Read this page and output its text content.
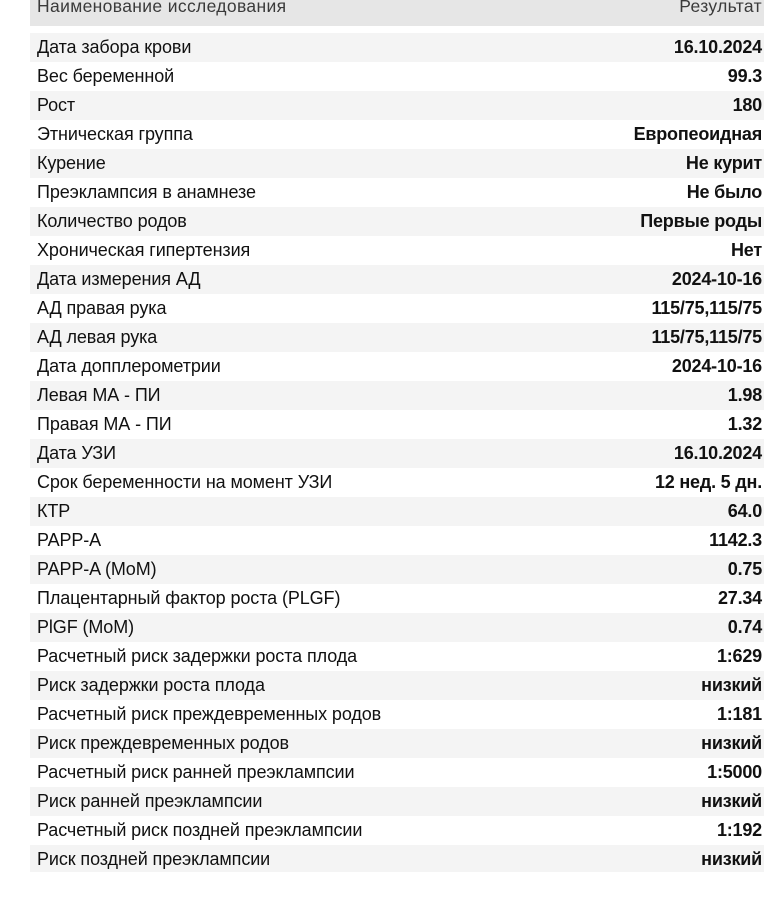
Наименование исследования	Результат

Дата забора крови	16.10.2024
Вес беременной	99.3
Рост	180
Этническая группа	Европеоидная
Курение	Не курит
Преэклампсия в анамнезе	Не было
Количество родов	Первые роды
Хроническая гипертензия	Нет
Дата измерения АД	2024-10-16
АД правая рука	115/75,115/75
АД левая рука	115/75,115/75
Дата допплерометрии	2024-10-16
Левая МА - ПИ	1.98
Правая МА - ПИ	1.32
Дата УЗИ	16.10.2024
Срок беременности на момент УЗИ	12 нед. 5 дн.
КТР	64.0
PAPP-A	1142.3
PAPP-A (MoM)	0.75
Плацентарный фактор роста (PLGF)	27.34
PlGF (MoM)	0.74
Расчетный риск задержки роста плода	1:629
Риск задержки роста плода	низкий
Расчетный риск преждевременных родов	1:181
Риск преждевременных родов	низкий
Расчетный риск ранней преэклампсии	1:5000
Риск ранней преэклампсии	низкий
Расчетный риск поздней преэклампсии	1:192
Риск поздней преэклампсии	низкий
